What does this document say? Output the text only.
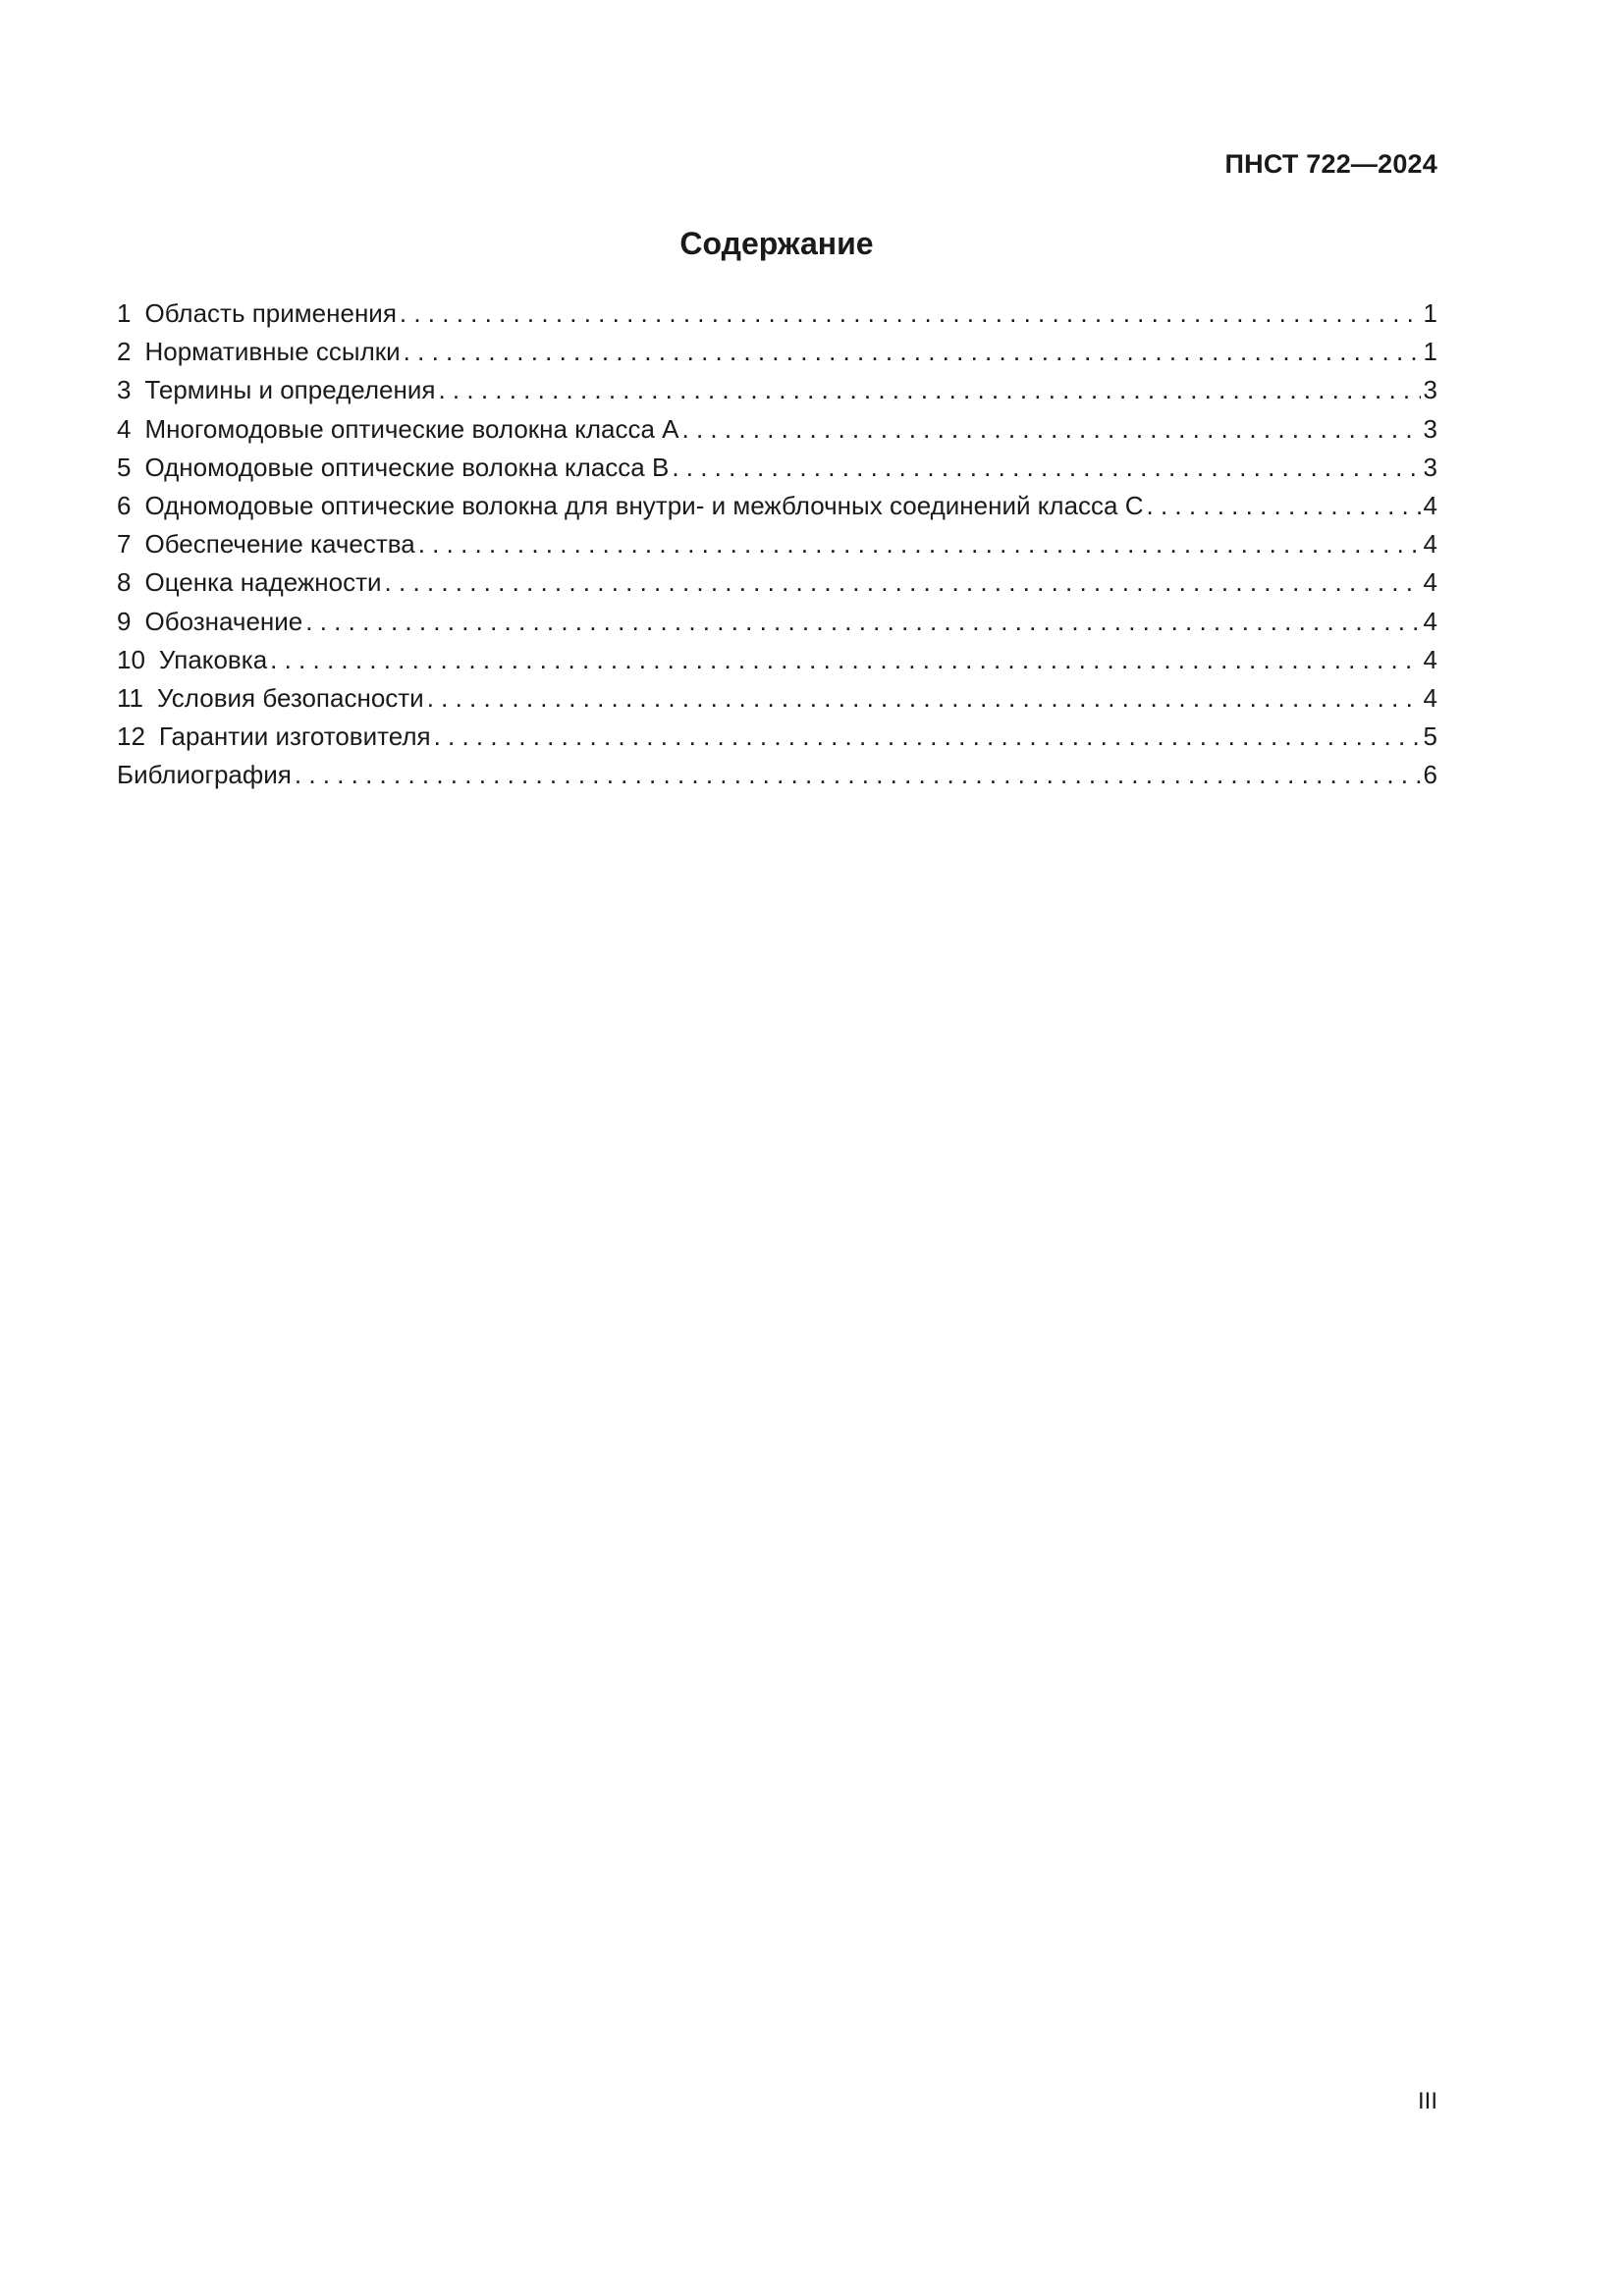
ПНСТ 722—2024
Содержание
1 Область применения . . .	1
2 Нормативные ссылки . . .	1
3 Термины и определения . . .	3
4 Многомодовые оптические волокна класса A . . .	3
5 Одномодовые оптические волокна класса B . . .	3
6 Одномодовые оптические волокна для внутри- и межблочных соединений класса C . . .	4
7 Обеспечение качества . . .	4
8 Оценка надежности . . .	4
9 Обозначение . . .	4
10 Упаковка . . .	4
11 Условия безопасности . . .	4
12 Гарантии изготовителя . . .	5
Библиография . . .	6
III
